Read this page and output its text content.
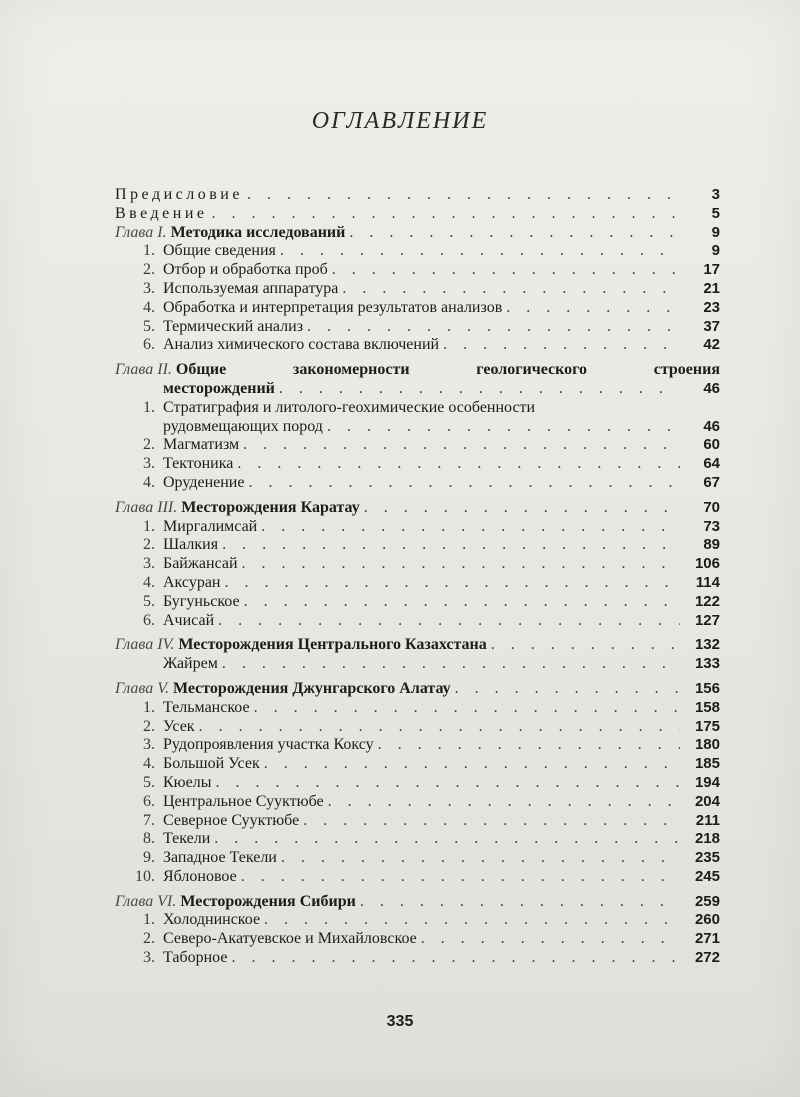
ОГЛАВЛЕНИЕ
Предисловие . . .	3
Введение . . .	5
Глава I. Методика исследований . . .	9
1. Общие сведения . . .	9
2. Отбор и обработка проб . . .	17
3. Используемая аппаратура . . .	21
4. Обработка и интерпретация результатов анализов . . .	23
5. Термический анализ . . .	37
6. Анализ химического состава включений . . .	42
Глава II. Общие	закономерности	геологического	строения
месторождений . . .	46
1. Стратиграфия и литолого-геохимические особенности
рудовмещающих пород . . .	46
2. Магматизм . . .	60
3. Тектоника . . .	64
4. Оруденение . . .	67
Глава III. Месторождения Каратау . . .	70
1. Миргалимсай . . .	73
2. Шалкия . . .	89
3. Байжансай . . .	106
4. Аксуран . . .	114
5. Бугуньское . . .	122
6. Ачисай . . .	127
Глава IV. Месторождения Центрального Казахстана . . .	132
Жайрем . . .	133
Глава V. Месторождения Джунгарского Алатау . . .	156
1. Тельманское . . .	158
2. Усек . . .	175
3. Рудопроявления участка Коксу . . .	180
4. Большой Усек . . .	185
5. Кюелы . . .	194
6. Центральное Сууктюбе . . .	204
7. Северное Сууктюбе . . .	211
8. Текели . . .	218
9. Западное Текели . . .	235
10. Яблоновое . . .	245
Глава VI. Месторождения Сибири . . .	259
1. Холоднинское . . .	260
2. Северо-Акатуевское и Михайловское . . .	271
3. Таборное . . .	272
335
